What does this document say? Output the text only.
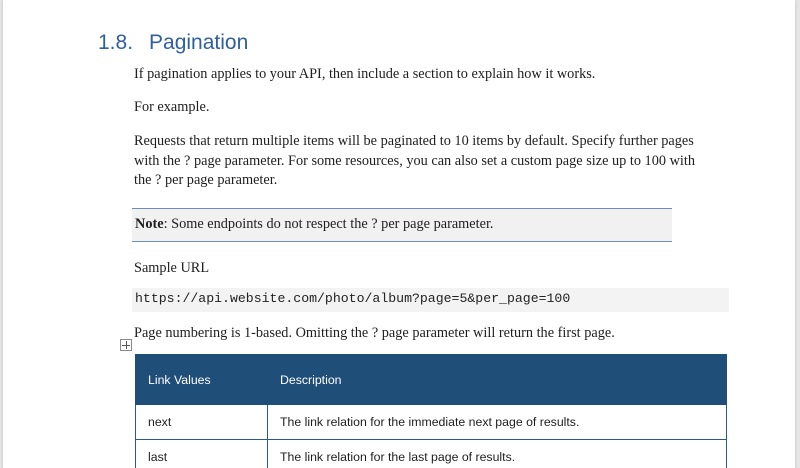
1.8. Pagination

If pagination applies to your API, then include a section to explain how it works.

For example.

Requests that return multiple items will be paginated to 10 items by default. Specify further pages with the ? page parameter. For some resources, you can also set a custom page size up to 100 with the ? per page parameter.

Note: Some endpoints do not respect the ? per page parameter.

Sample URL

https://api.website.com/photo/album?page=5&per_page=100

Page numbering is 1-based. Omitting the ? page parameter will return the first page.

Link Values	Description
next	The link relation for the immediate next page of results.
last	The link relation for the last page of results.
